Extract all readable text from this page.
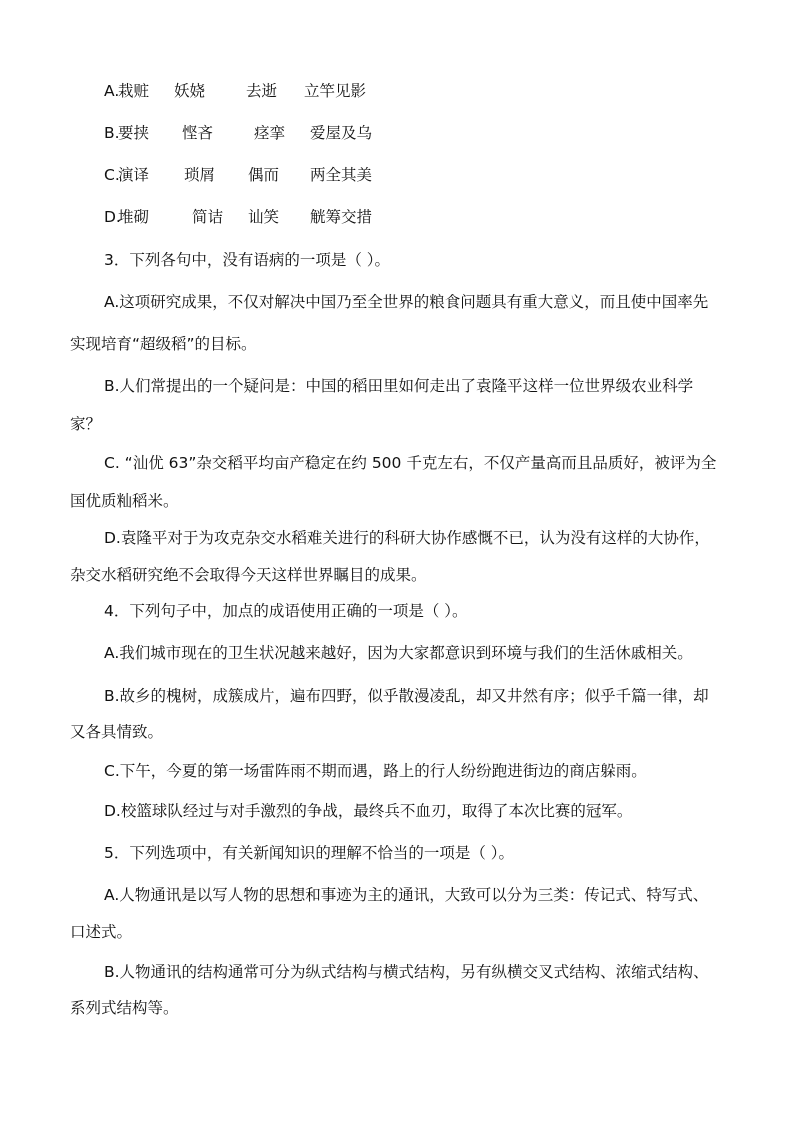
A.
栽赃 妖娆	去逝 立竿见影
B.
要挟 悭吝	痉挛 爱屋及乌
C.
演译 琐屑 偶而 两全其美
D.
堆砌	简诘 讪笑 觥筹交措
3．下列各句中，没有语病的一项是（ ）。
A.这项研究成果，不仅对解决中国乃至全世界的粮食问题具有重大意义，而且使中国率先
实现培育“超级稻”的目标。
B.人们常提出的一个疑问是：中国的稻田里如何走出了袁隆平这样一位世界级农业科学
家？
C. “汕优 63”杂交稻平均亩产稳定在约 500 千克左右，不仅产量高而且品质好，被评为全
国优质籼稻米。
D.袁隆平对于为攻克杂交水稻难关进行的科研大协作感慨不已，认为没有这样的大协作，
杂交水稻研究绝不会取得今天这样世界瞩目的成果。
4．下列句子中，加点的成语使用正确的一项是（ ）。
A.我们城市现在的卫生状况越来越好，因为大家都意识到环境与我们的生活休戚相关。
B.故乡的槐树，成簇成片，遍布四野，似乎散漫凌乱，却又井然有序；似乎千篇一律，却
又各具情致。
C.下午，今夏的第一场雷阵雨不期而遇，路上的行人纷纷跑进街边的商店躲雨。
D.校篮球队经过与对手激烈的争战，最终兵不血刃，取得了本次比赛的冠军。
5．下列选项中，有关新闻知识的理解不恰当的一项是（ ）。
A.人物通讯是以写人物的思想和事迹为主的通讯，大致可以分为三类：传记式、特写式、
口述式。
B.人物通讯的结构通常可分为纵式结构与横式结构，另有纵横交叉式结构、浓缩式结构、
系列式结构等。
